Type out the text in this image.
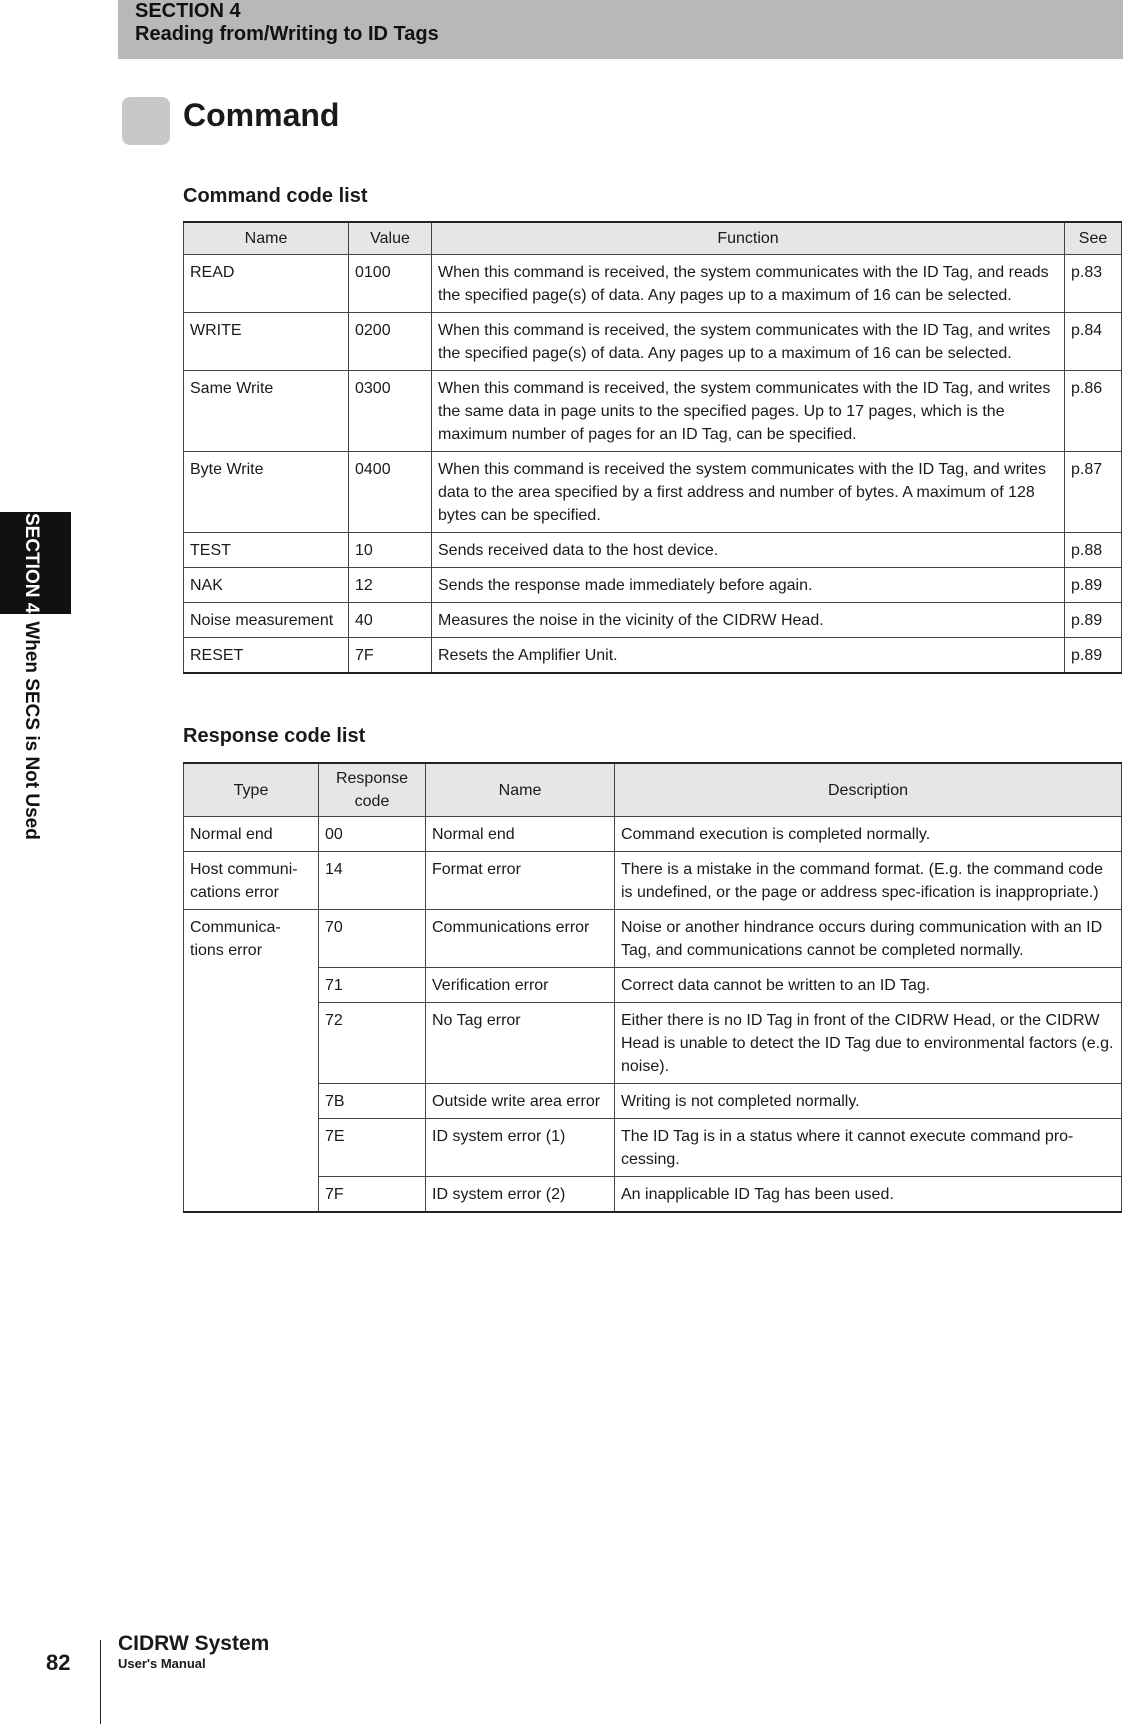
SECTION 4
Reading from/Writing to ID Tags
SECTION 4When SECS is Not Used
Command
Command code list
Name	Value	Function	See
READ	0100	When this command is received, the system communicates with the ID Tag, and reads the specified page(s) of data. Any pages up to a maximum of 16 can be selected.	p.83
WRITE	0200	When this command is received, the system communicates with the ID Tag, and writes the specified page(s) of data. Any pages up to a maximum of 16 can be selected.	p.84
Same Write	0300	When this command is received, the system communicates with the ID Tag, and writes the same data in page units to the specified pages. Up to 17 pages, which is the maximum number of pages for an ID Tag, can be specified.	p.86
Byte Write	0400	When this command is received the system communicates with the ID Tag, and writes data to the area specified by a first address and number of bytes. A maximum of 128 bytes can be specified.	p.87
TEST	10	Sends received data to the host device.	p.88
NAK	12	Sends the response made immediately before again.	p.89
Noise measurement	40	Measures the noise in the vicinity of the CIDRW Head.	p.89
RESET	7F	Resets the Amplifier Unit.	p.89
Response code list
Type	Response code	Name	Description
Normal end	00	Normal end	Command execution is completed normally.
Host communi-cations error	14	Format error	There is a mistake in the command format. (E.g. the command code is undefined, or the page or address spec-ification is inappropriate.)
Communica-tions error	70	Communications error	Noise or another hindrance occurs during communication with an ID Tag, and communications cannot be completed normally.
	71	Verification error	Correct data cannot be written to an ID Tag.
	72	No Tag error	Either there is no ID Tag in front of the CIDRW Head, or the CIDRW Head is unable to detect the ID Tag due to environmental factors (e.g. noise).
	7B	Outside write area error	Writing is not completed normally.
	7E	ID system error (1)	The ID Tag is in a status where it cannot execute command pro-cessing.
	7F	ID system error (2)	An inapplicable ID Tag has been used.
82
CIDRW System
User's Manual
